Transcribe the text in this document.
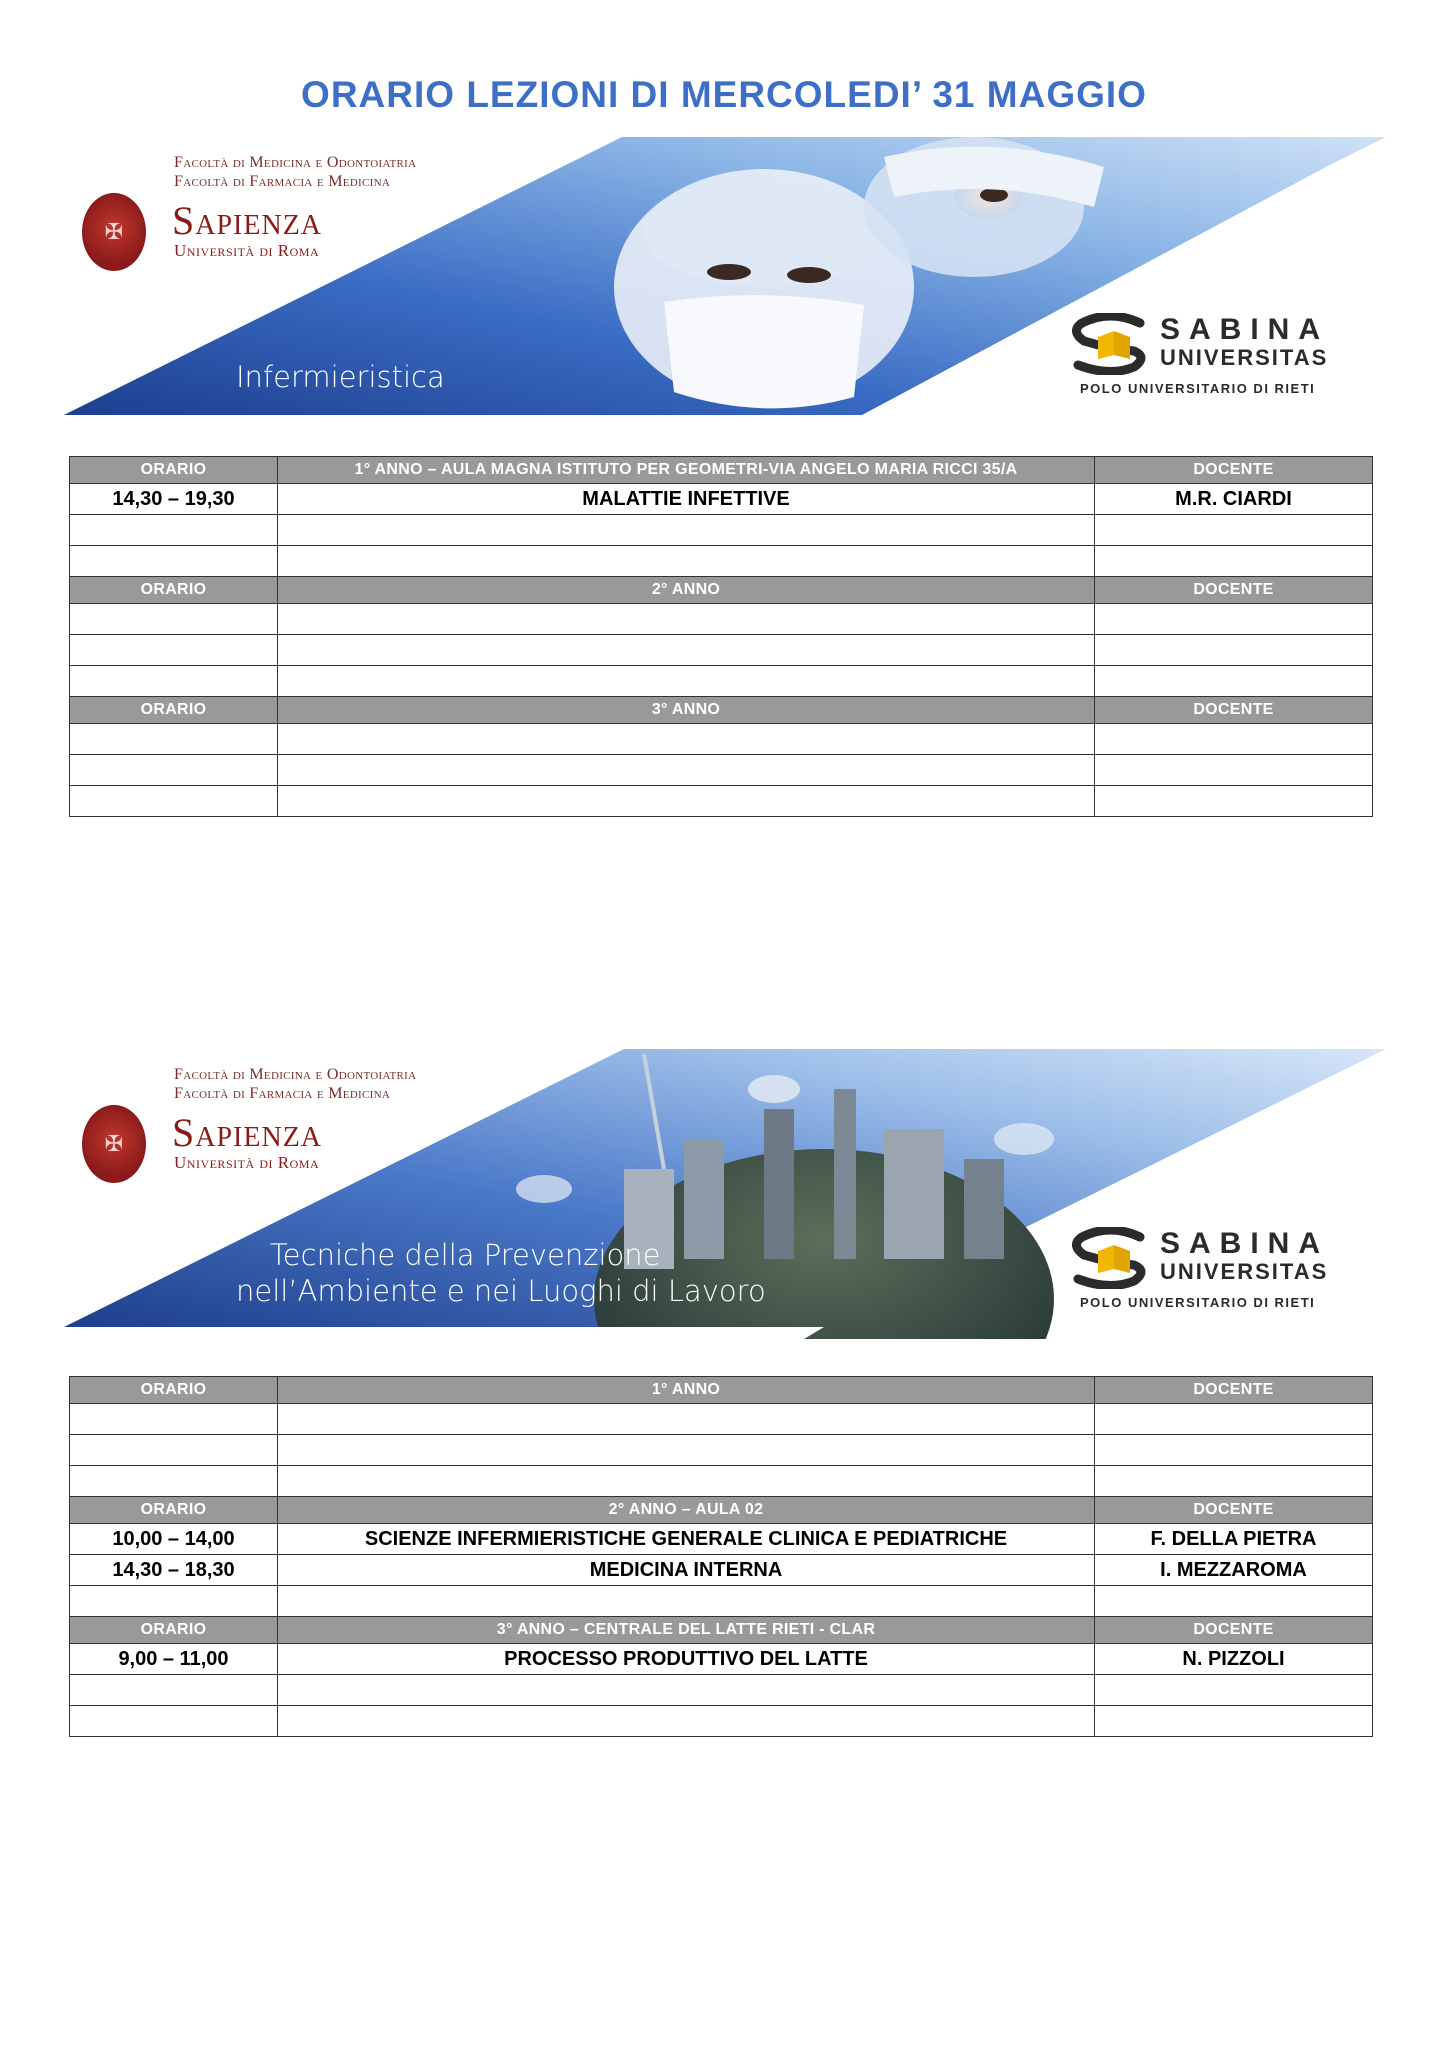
ORARIO LEZIONI DI MERCOLEDI’ 31 MAGGIO
✠
Facoltà di Medicina e Odontoiatria
Facoltà di Farmacia e Medicina
Sapienza
Università di Roma
Infermieristica
SABINA
UNIVERSITAS
POLO UNIVERSITARIO DI RIETI
ORARIO	1° ANNO – AULA MAGNA ISTITUTO PER GEOMETRI-VIA ANGELO MARIA RICCI 35/A	DOCENTE
14,30 – 19,30	MALATTIE INFETTIVE	M.R. CIARDI

ORARIO	2° ANNO	DOCENTE

ORARIO	3° ANNO	DOCENTE

✠
Facoltà di Medicina e Odontoiatria
Facoltà di Farmacia e Medicina
Sapienza
Università di Roma
Tecniche della Prevenzione
nell’Ambiente e nei Luoghi di Lavoro
SABINA
UNIVERSITAS
POLO UNIVERSITARIO DI RIETI
ORARIO	1° ANNO	DOCENTE

ORARIO	2° ANNO – AULA 02	DOCENTE
10,00 – 14,00	SCIENZE INFERMIERISTICHE GENERALE CLINICA E PEDIATRICHE	F. DELLA PIETRA
14,30 – 18,30	MEDICINA INTERNA	I. MEZZAROMA

ORARIO	3° ANNO – CENTRALE DEL LATTE RIETI - CLAR	DOCENTE
9,00 – 11,00	PROCESSO PRODUTTIVO DEL LATTE	N. PIZZOLI
